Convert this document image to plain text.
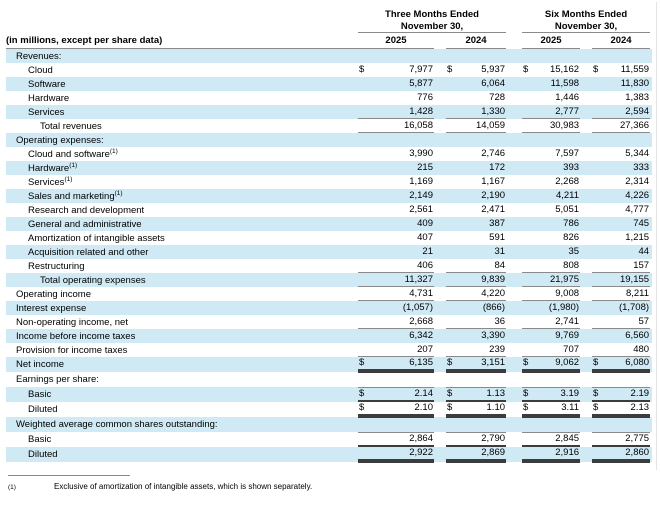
	Three Months Ended				Six Months Ended			
	November 30,				November 30,			
(in millions, except per share data)	2025		2024		2025		2024	
Revenues:								
Cloud	$ 7,977		$ 5,937		$ 15,162		$ 11,559	

Software	5,877		6,064		11,598		11,830	

Hardware	776		728		1,446		1,383	

Services	1,428		1,330		2,777		2,594	

Total revenues	16,058		14,059		30,983		27,366	

Operating expenses:								
Cloud and software$^{(1)}$	3,990		2,746		7,597		5,344	

Hardware$^{(1)}$	215		172		393		333	

Services$^{(1)}$	1,169		1,167		2,268		2,314	

Sales and marketing$^{(1)}$	2,149		2,190		4,211		4,226	

Research and development	2,561		2,471		5,051		4,777	

General and administrative	409		387		786		745	

Amortization of intangible assets	407		591		826		1,215	

Acquisition related and other	21		31		35		44	

Restructuring	406		84		808		157	

Total operating expenses	11,327		9,839		21,975		19,155	

Operating income	4,731		4,220		9,008		8,211	

Interest expense	(1,057)		(866)		(1,980)		(1,708)	

Non-operating income, net	2,668		36		2,741		57	

Income before income taxes	6,342		3,390		9,769		6,560	

Provision for income taxes	207		239		707		480	

Net income	$ 6,135		$ 3,151		$ 9,062		$ 6,080	

Earnings per share:								
Basic	$ 2.14		$ 1.13		$ 3.19		$ 2.19	

Diluted	$ 2.10		$ 1.10		$ 3.11		$ 2.13	

Weighted average common shares outstanding:								
Basic	2,864		2,790		2,845		2,775	

Diluted	2,922		2,869		2,916		2,860	

(1)	Exclusive of amortization of intangible assets, which is shown separately.
